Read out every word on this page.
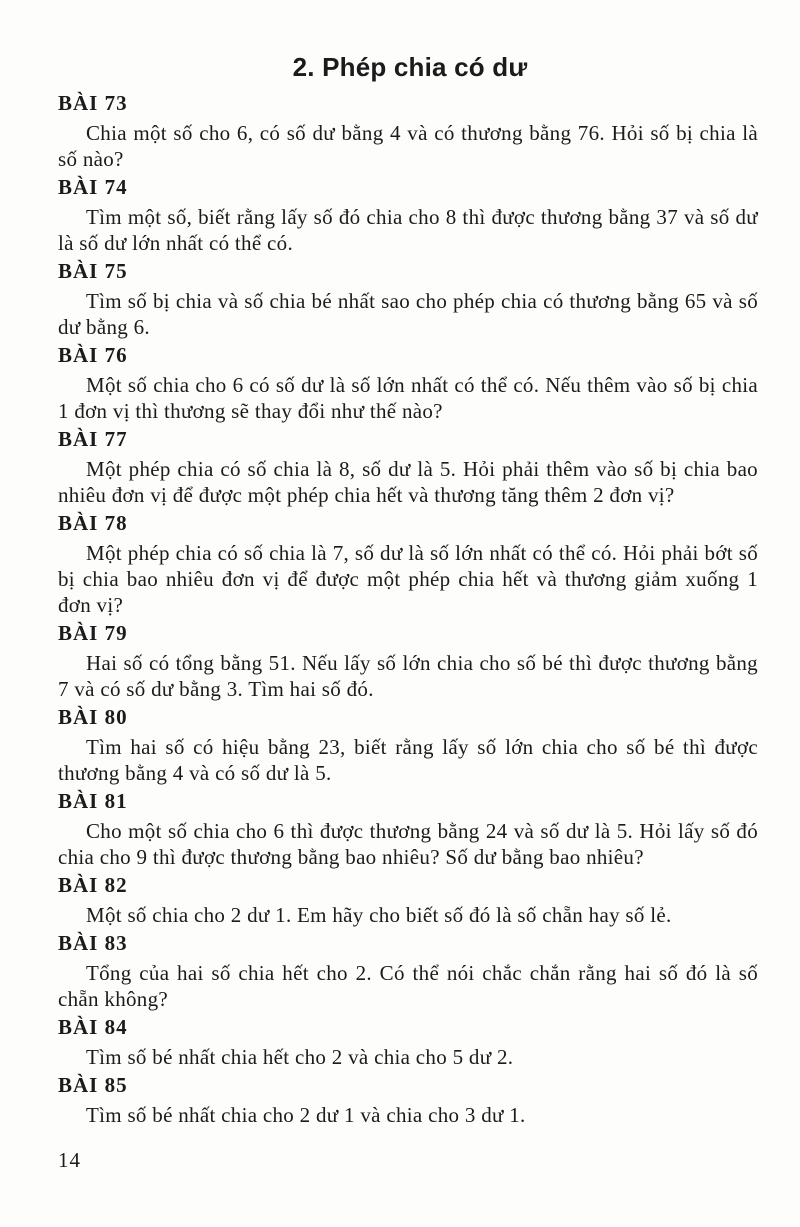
2. Phép chia có dư

BÀI 73

Chia một số cho 6, có số dư bằng 4 và có thương bằng 76. Hỏi số bị chia là số nào?

BÀI 74

Tìm một số, biết rằng lấy số đó chia cho 8 thì được thương bằng 37 và số dư là số dư lớn nhất có thể có.

BÀI 75

Tìm số bị chia và số chia bé nhất sao cho phép chia có thương bằng 65 và số dư bằng 6.

BÀI 76

Một số chia cho 6 có số dư là số lớn nhất có thể có. Nếu thêm vào số bị chia 1 đơn vị thì thương sẽ thay đổi như thế nào?

BÀI 77

Một phép chia có số chia là 8, số dư là 5. Hỏi phải thêm vào số bị chia bao nhiêu đơn vị để được một phép chia hết và thương tăng thêm 2 đơn vị?

BÀI 78

Một phép chia có số chia là 7, số dư là số lớn nhất có thể có. Hỏi phải bớt số bị chia bao nhiêu đơn vị để được một phép chia hết và thương giảm xuống 1 đơn vị?

BÀI 79

Hai số có tổng bằng 51. Nếu lấy số lớn chia cho số bé thì được thương bằng 7 và có số dư bằng 3. Tìm hai số đó.

BÀI 80

Tìm hai số có hiệu bằng 23, biết rằng lấy số lớn chia cho số bé thì được thương bằng 4 và có số dư là 5.

BÀI 81

Cho một số chia cho 6 thì được thương bằng 24 và số dư là 5. Hỏi lấy số đó chia cho 9 thì được thương bằng bao nhiêu? Số dư bằng bao nhiêu?

BÀI 82

Một số chia cho 2 dư 1. Em hãy cho biết số đó là số chẵn hay số lẻ.

BÀI 83

Tổng của hai số chia hết cho 2. Có thể nói chắc chắn rằng hai số đó là số chẵn không?

BÀI 84

Tìm số bé nhất chia hết cho 2 và chia cho 5 dư 2.

BÀI 85

Tìm số bé nhất chia cho 2 dư 1 và chia cho 3 dư 1.

14
